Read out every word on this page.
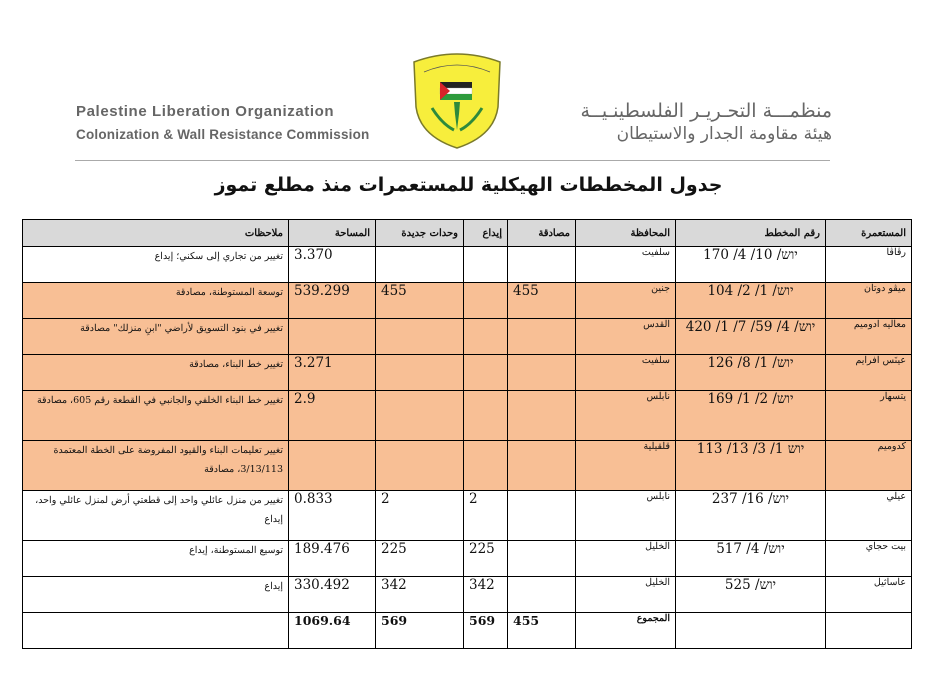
Palestine Liberation Organization
Colonization & Wall Resistance Commission
منظمـــة التحـريـر الفلسطينـيــة
هيئة مقاومة الجدار والاستيطان
جدول المخططات الهيكلية للمستعمرات منذ مطلع تموز
المستعمرة	رقم المخطط	المحافظة	مصادقة	إيداع	وحدات جديدة	المساحة	ملاحظات
رڤاڤا	יוש/ 10/ 4/ 170	سلفيت				3.370	تغيير من تجاري إلى سكني؛ إيداع
ميڤو دوتان	יוש/ 1/ 2/ 104	جنين	455		455	539.299	توسعة المستوطنة، مصادقة
معاليه ادوميم	יוש/ 4/ 59/ 7/ 1/ 420	القدس					تغيير في بنود التسويق لأراضي "ابنِ منزلك" مصادقة
عينَس افرايم	יוש/ 1/ 8/ 126	سلفيت				3.271	تغيير خط البناء، مصادقة
يتسهار	יוש/ 2/ 1/ 169	نابلس				2.9	تغيير خط البناء الخلفي والجانبي في القطعة رقم 605، مصادقة
كدوميم	יוש 1/ 3/ 13/ 113	قلقيلية					تغيير تعليمات البناء والقيود المفروضة على الخطة المعتمدة 3/13/113، مصادقة
عيلي	יוש/ 16/ 237	نابلس		2	2	0.833	تغيير من منزل عائلي واحد إلى قطعتي أرض لمنزل عائلي واحد، إيداع
بيت حجاي	יוש/ 4/ 517	الخليل		225	225	189.476	توسيع المستوطنة، إيداع
عاساثيل	יוש/ 525	الخليل		342	342	330.492	إيداع
		المجموع	455	569	569	1069.64	
